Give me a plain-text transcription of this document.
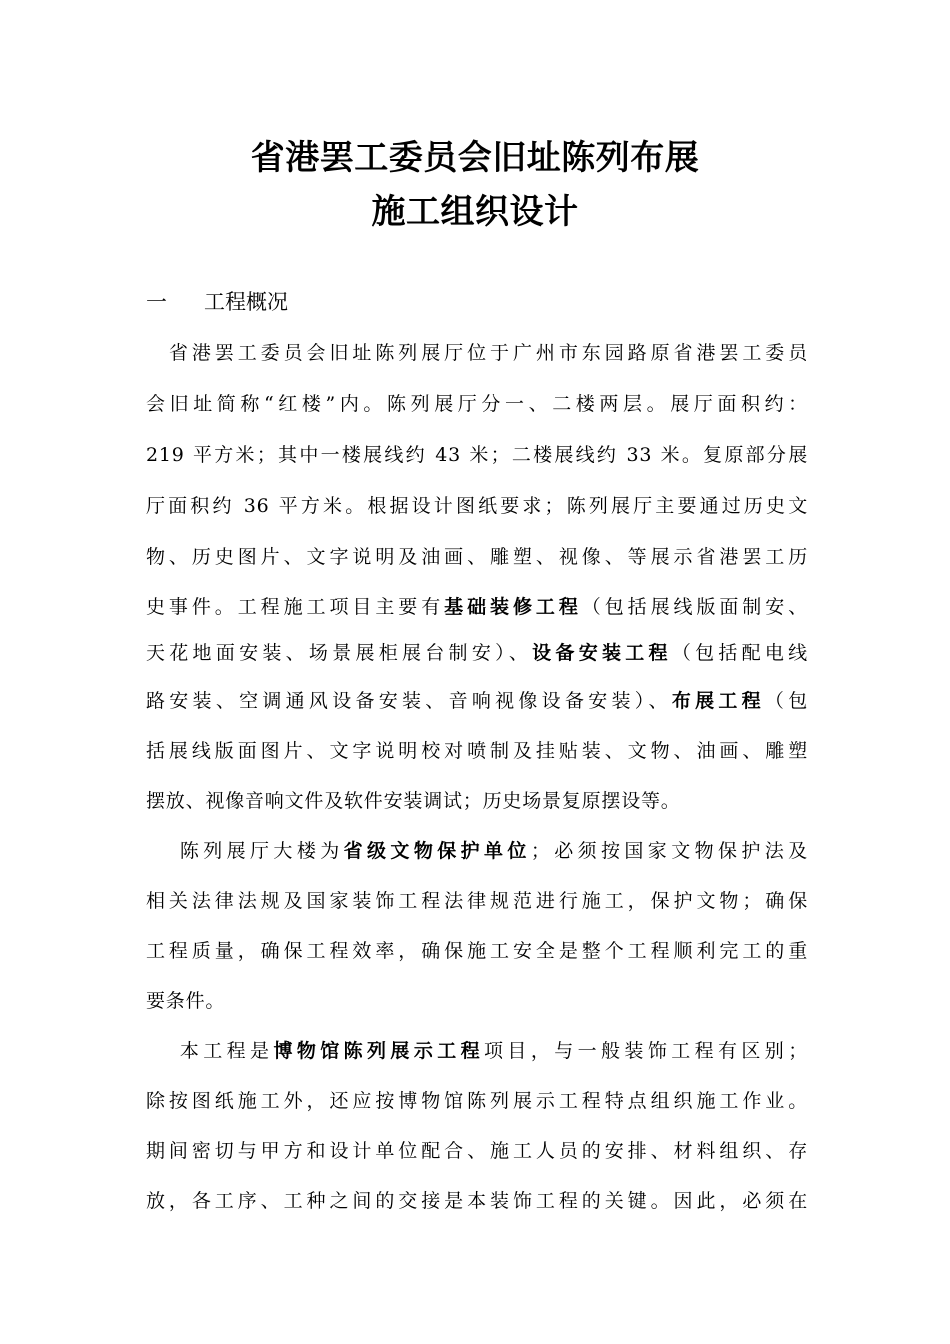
省港罢工委员会旧址陈列布展
施工组织设计
一 工程概况
　省港罢工委员会旧址陈列展厅位于广州市东园路原省港罢工委员
会旧址简称“红楼”内。陈列展厅分一、二楼两层。展厅面积约：
219 平方米；其中一楼展线约 43 米；二楼展线约 33 米。复原部分展
厅面积约 36 平方米。根据设计图纸要求；陈列展厅主要通过历史文
物、历史图片、文字说明及油画、雕塑、视像、等展示省港罢工历
史事件。工程施工项目主要有基础装修工程（包括展线版面制安、
天花地面安装、场景展柜展台制安）、设备安装工程（包括配电线
路安装、空调通风设备安装、音响视像设备安装）、布展工程（包
括展线版面图片、文字说明校对喷制及挂贴装、文物、油画、雕塑
摆放、视像音响文件及软件安装调试；历史场景复原摆设等。
　 陈列展厅大楼为省级文物保护单位；必须按国家文物保护法及
相关法律法规及国家装饰工程法律规范进行施工，保护文物；确保
工程质量，确保工程效率，确保施工安全是整个工程顺利完工的重
要条件。
　 本工程是博物馆陈列展示工程项目，与一般装饰工程有区别；
除按图纸施工外，还应按博物馆陈列展示工程特点组织施工作业。
期间密切与甲方和设计单位配合、施工人员的安排、材料组织、存
放，各工序、工种之间的交接是本装饰工程的关键。因此，必须在
